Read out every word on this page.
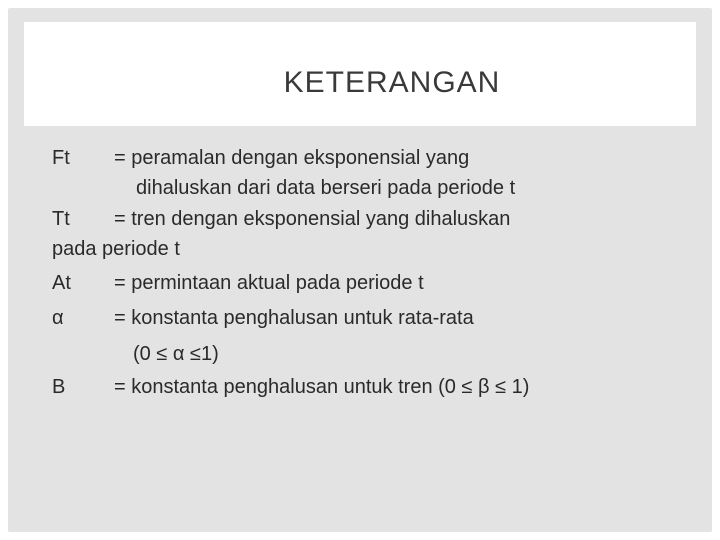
KETERANGAN
Ft = peramalan dengan eksponensial yang
dihaluskan dari data berseri pada periode t
Tt = tren dengan eksponensial yang dihaluskan
pada periode t
At = permintaan aktual pada periode t
α	= konstanta penghalusan untuk rata-rata
(0 ≤ α ≤1)
Β = konstanta penghalusan untuk tren (0 ≤ β ≤ 1)
